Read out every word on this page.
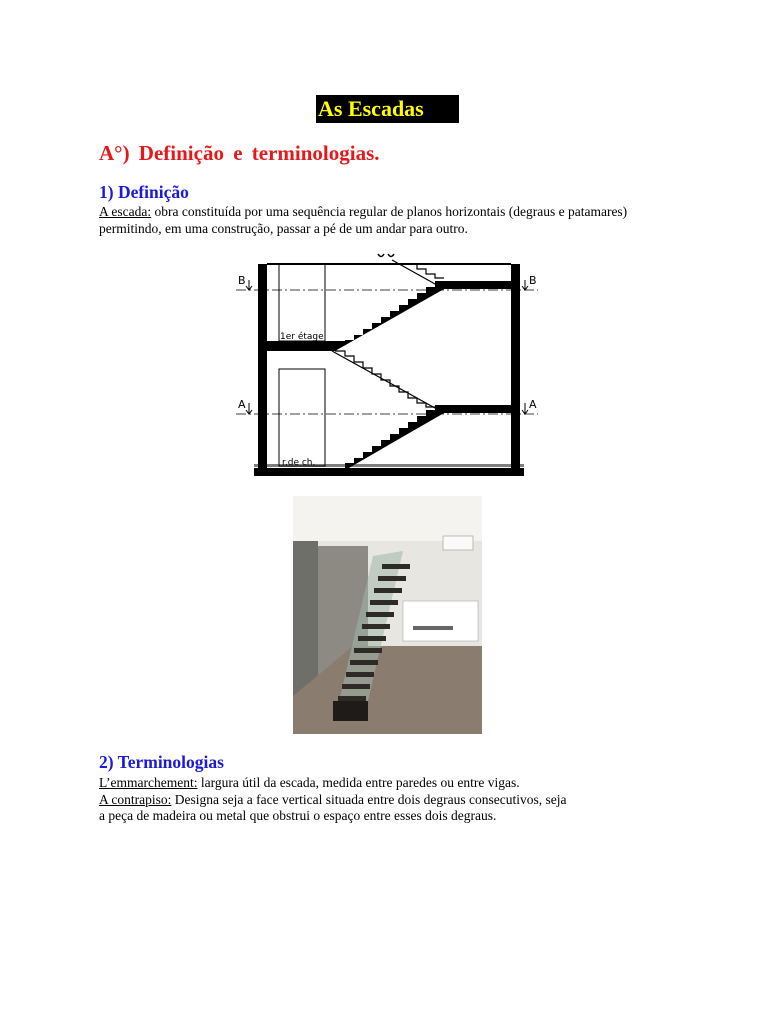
As Escadas
A°) Definição e terminologias.
1) Definição
A escada: obra constituída por uma sequência regular de planos horizontais (degraus e patamares)
permitindo, em uma construção, passar a pé de um andar para outro.
B	B
A	A
1er étage
r.de ch.
2) Terminologias
L’emmarchement: largura útil da escada, medida entre paredes ou entre vigas.
A contrapiso: Designa seja a face vertical situada entre dois degraus consecutivos, seja
a peça de madeira ou metal que obstrui o espaço entre esses dois degraus.
